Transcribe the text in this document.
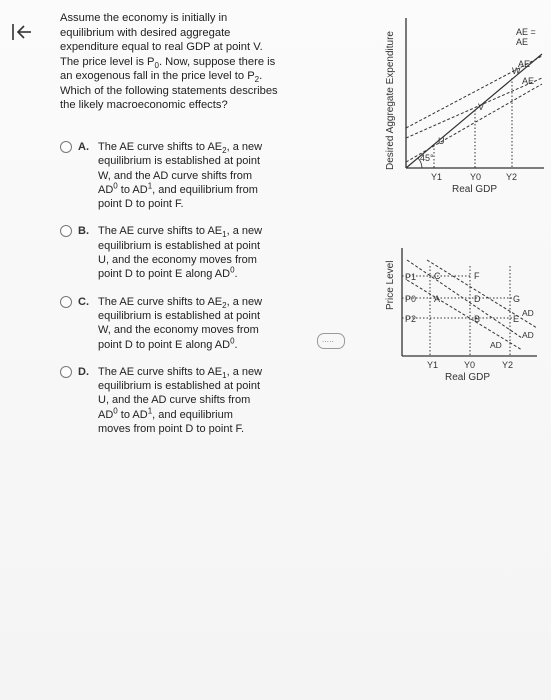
Assume the economy is initially in
equilibrium with desired aggregate
expenditure equal to real GDP at point V.
The price level is $P_0$. Now, suppose there is
an exogenous fall in the price level to $P_2$.
Which of the following statements describes
the likely macroeconomic effects?
A. The AE curve shifts to $AE_2$, a new
equilibrium is established at point
W, and the AD curve shifts from
$AD^0$ to $AD^1$, and equilibrium from
point D to point F.
B. The AE curve shifts to $AE_1$, a new
equilibrium is established at point
U, and the economy moves from
point D to point E along $AD^0$.
C. The AE curve shifts to $AE_2$, a new
equilibrium is established at point
W, and the economy moves from
point D to point E along $AD^0$.
D. The AE curve shifts to $AE_1$, a new
equilibrium is established at point
U, and the AD curve shifts from
$AD^0$ to $AD^1$, and equilibrium
moves from point D to point F.
.....
Desired Aggregate Expenditure	45°
U
V
W
AE =
AE
AE
AE
Y1	Y0	Y2
Real GDP
Price Level P1
P0
P2
C	F
A	D	G
B	E
AD
AD
AD
Y1	Y0	Y2
Real GDP
